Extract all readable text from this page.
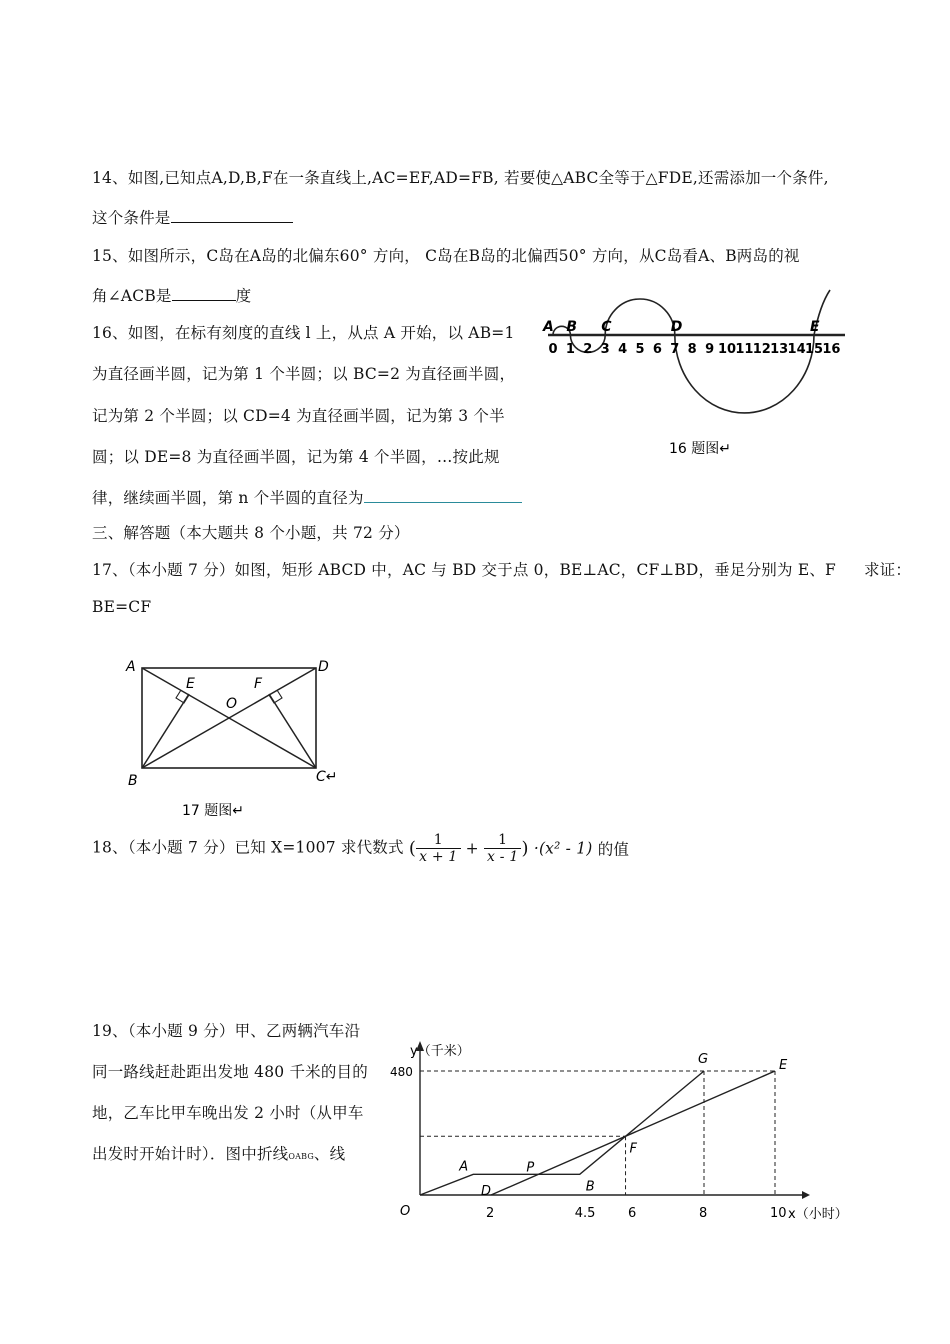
14、如图,已知点A,D,B,F在一条直线上,AC=EF,AD=FB, 若要使△ABC全等于△FDE,还需添加一个条件,
这个条件是
15、如图所示，C岛在A岛的北偏东60° 方向， C岛在B岛的北偏西50° 方向，从C岛看A、B两岛的视
角∠ACB是	度
16、如图，在标有刻度的直线 l 上，从点 A 开始，以 AB=1
为直径画半圆，记为第 1 个半圆；以 BC=2 为直径画半圆，
记为第 2 个半圆；以 CD=4 为直径画半圆，记为第 3 个半
圆；以 DE=8 为直径画半圆，记为第 4 个半圆，…按此规
律，继续画半圆，第 n 个半圆的直径为
0 1 2 3 4 5 6 7 8 9 10 11 12 13 14 15 16
A B C	D	E
16 题图↵
三、解答题（本大题共 8 个小题，共 72 分）
17、（本小题 7 分）如图，矩形 ABCD 中，AC 与 BD 交于点 0，BE⊥AC，CF⊥BD，垂足分别为 E、F 求证：
BE=CF
A	D
B	C↵
E	F
O
17 题图↵
18、（本小题 7 分）已知 X=1007 求代数式 ( $\frac{1}{x + 1} + \frac{1}{x - 1}$ ) ·(x² - 1) 的值
19、（本小题 9 分）甲、乙两辆汽车沿
同一路线赶赴距出发地 480 千米的目的
地，乙车比甲车晚出发 2 小时（从甲车
出发时开始计时）．图中折线OABG、线
y（千米）
x（小时）
480
O	2	4.5	6	8	10
A
B
D
E
F
G
P
